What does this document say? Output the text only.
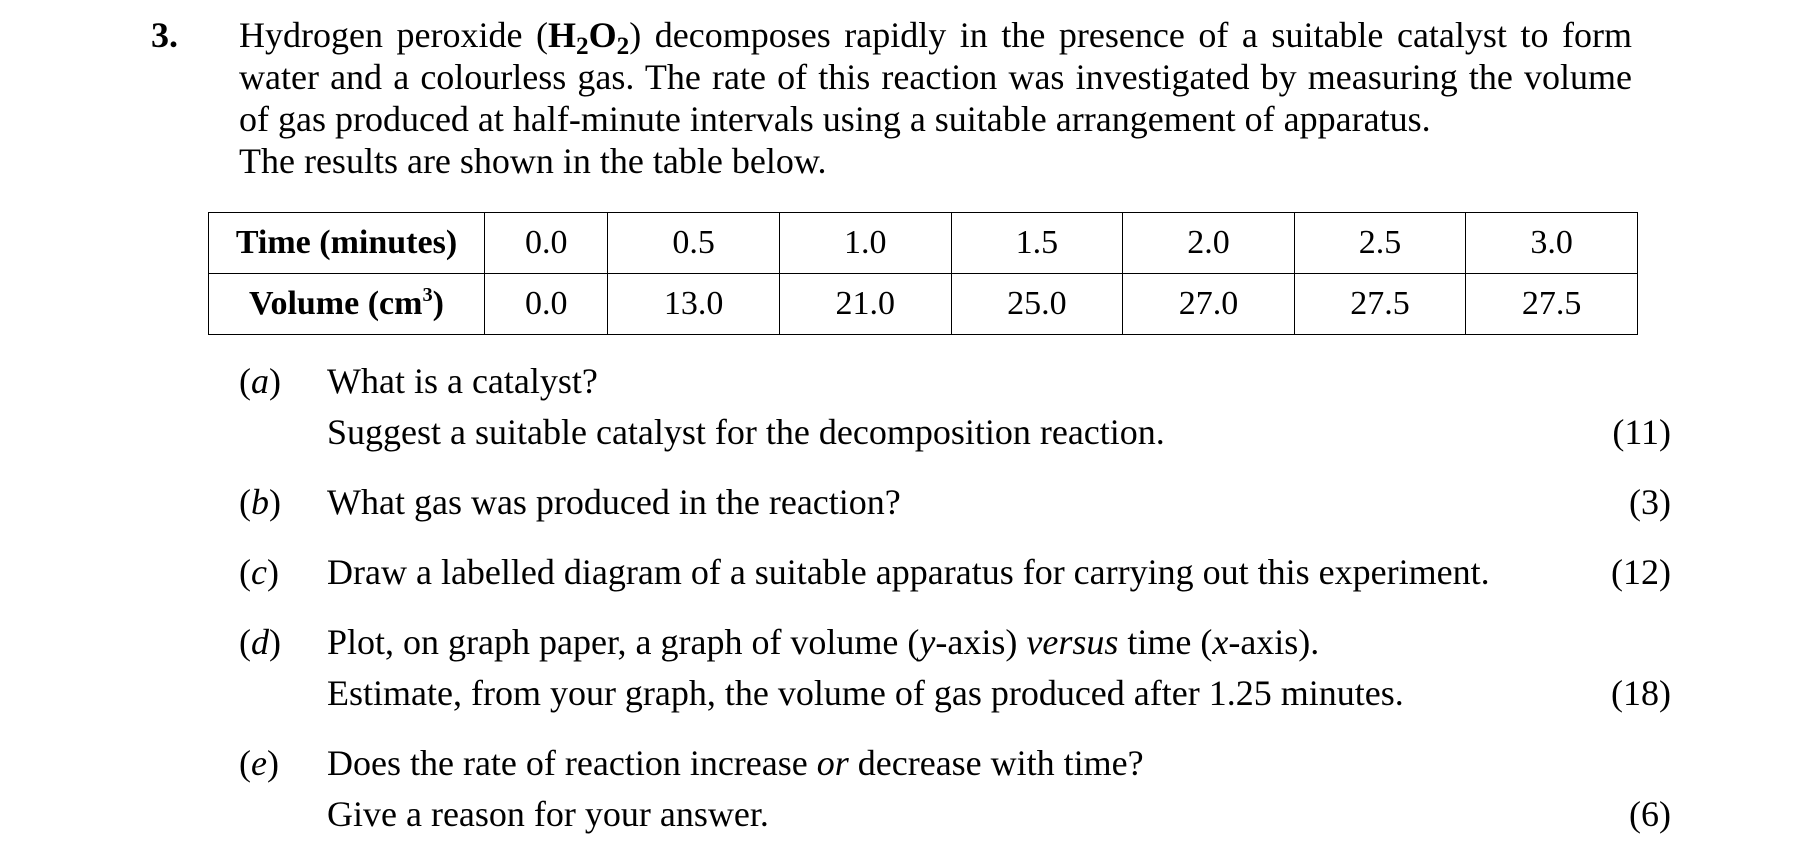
3. Hydrogen peroxide $(H_2O_2)$ decomposes rapidly in the presence of a suitable catalyst to form water and a colourless gas. The rate of this reaction was investigated by measuring the volume of gas produced at half-minute intervals using a suitable arrangement of apparatus.

The results are shown in the table below.

Time (minutes)	0.0	0.5	1.0	1.5	2.0	2.5	3.0
Volume $(cm^3)$	0.0	13.0	21.0	25.0	27.0	27.5	27.5
(a) What is a catalyst?
Suggest a suitable catalyst for the decomposition reaction.	(11)
(b) What gas was produced in the reaction?	(3)
(c) Draw a labelled diagram of a suitable apparatus for carrying out this experiment.	(12)
(d) Plot, on graph paper, a graph of volume (y-axis) versus time (x-axis).
Estimate, from your graph, the volume of gas produced after 1.25 minutes.	(18)
(e) Does the rate of reaction increase or decrease with time?
Give a reason for your answer.	(6)
